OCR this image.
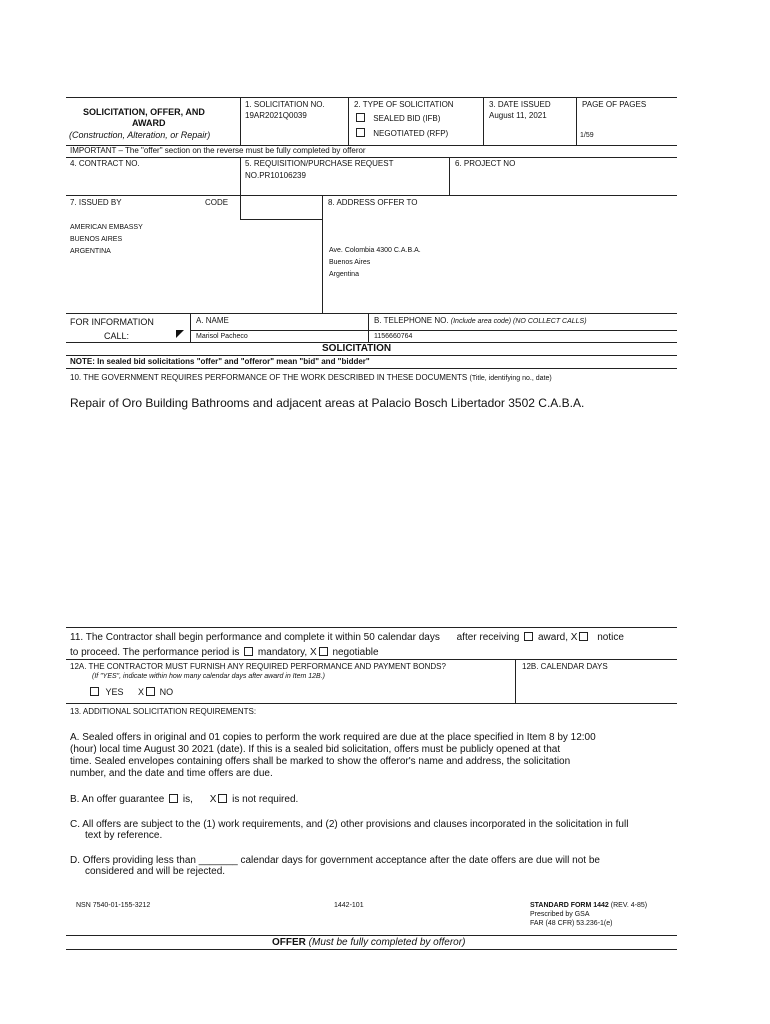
SOLICITATION, OFFER, AND
AWARD
(Construction, Alteration, or Repair)
1. SOLICITATION NO.
19AR2021Q0039
2. TYPE OF SOLICITATION
SEALED BID (IFB)
NEGOTIATED (RFP)
3. DATE ISSUED
August 11, 2021
PAGE OF PAGES
1/59
IMPORTANT – The "offer" section on the reverse must be fully completed by offeror
4. CONTRACT NO.	5. REQUISITION/PURCHASE REQUEST
NO.PR10106239
6. PROJECT NO
7. ISSUED BY	CODE	8. ADDRESS OFFER TO
AMERICAN EMBASSY
BUENOS AIRES
ARGENTINA	Ave. Colombia 4300 C.A.B.A.
Buenos Aires
Argentina
FOR INFORMATION
CALL:
A. NAME
Marisol Pacheco
B. TELEPHONE NO. (Include area code) (NO COLLECT CALLS)
1156660764
SOLICITATION
NOTE: In sealed bid solicitations "offer" and "offeror" mean "bid" and "bidder"
10. THE GOVERNMENT REQUIRES PERFORMANCE OF THE WORK DESCRIBED IN THESE DOCUMENTS (Title, identifying no., date)
Repair of Oro Building Bathrooms and adjacent areas at Palacio Bosch Libertador 3502 C.A.B.A.
11. The Contractor shall begin performance and complete it within 50 calendar days after receiving award, X notice
to proceed. The performance period is mandatory, X negotiable
12A. THE CONTRACTOR MUST FURNISH ANY REQUIRED PERFORMANCE AND PAYMENT BONDS?
(If "YES", indicate within how many calendar days after award in Item 12B.)
YES X NO
12B. CALENDAR DAYS
13. ADDITIONAL SOLICITATION REQUIREMENTS:
A. Sealed offers in original and 01 copies to perform the work required are due at the place specified in Item 8 by 12:00
(hour) local time August 30 2021 (date). If this is a sealed bid solicitation, offers must be publicly opened at that
time. Sealed envelopes containing offers shall be marked to show the offeror's name and address, the solicitation
number, and the date and time offers are due.
B. An offer guarantee is, X is not required.
C. All offers are subject to the (1) work requirements, and (2) other provisions and clauses incorporated in the solicitation in full
text by reference.
D. Offers providing less than _______ calendar days for government acceptance after the date offers are due will not be
considered and will be rejected.
NSN 7540-01-155-3212	1442-101	STANDARD FORM 1442 (REV. 4-85)
Prescribed by GSA
FAR (48 CFR) 53.236-1(e)
OFFER (Must be fully completed by offeror)
